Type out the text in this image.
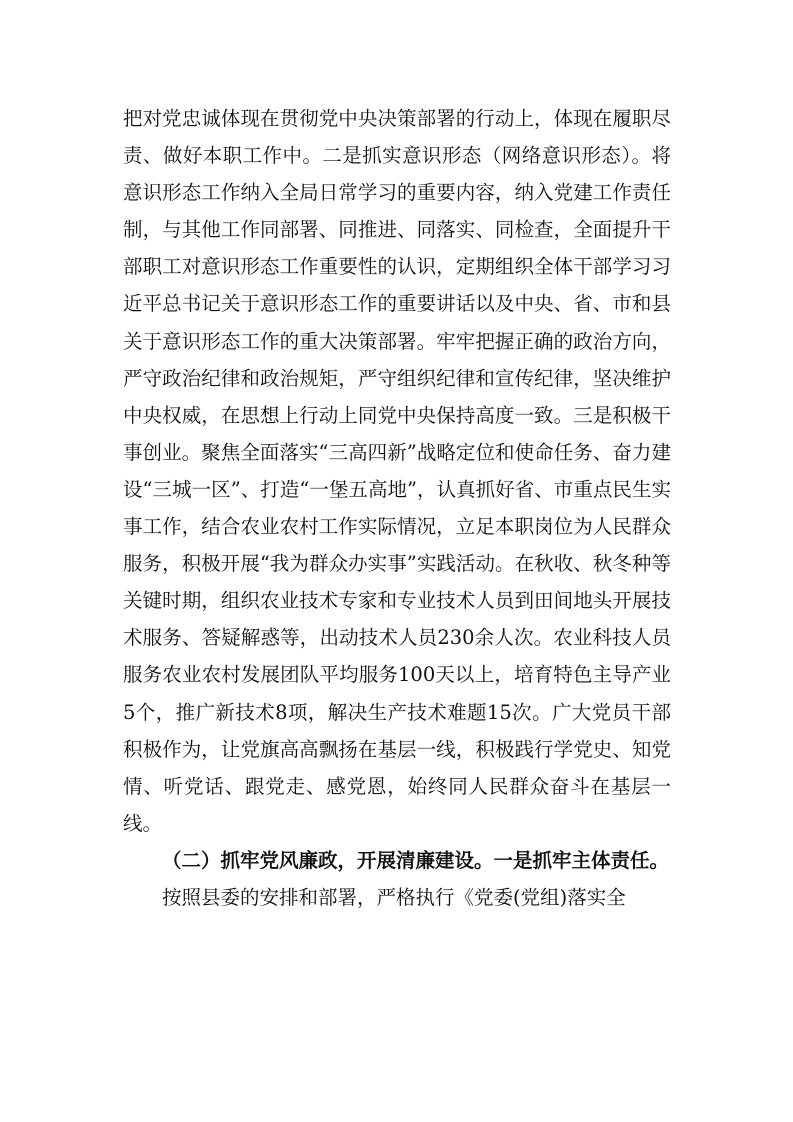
把对党忠诚体现在贯彻党中央决策部署的行动上，体现在履职尽责、做好本职工作中。二是抓实意识形态（网络意识形态）。将意识形态工作纳入全局日常学习的重要内容，纳入党建工作责任制，与其他工作同部署、同推进、同落实、同检查，全面提升干部职工对意识形态工作重要性的认识，定期组织全体干部学习习近平总书记关于意识形态工作的重要讲话以及中央、省、市和县关于意识形态工作的重大决策部署。牢牢把握正确的政治方向，严守政治纪律和政治规矩，严守组织纪律和宣传纪律，坚决维护中央权威，在思想上行动上同党中央保持高度一致。三是积极干事创业。聚焦全面落实“三高四新”战略定位和使命任务、奋力建设“三城一区”、打造“一堡五高地”，认真抓好省、市重点民生实事工作，结合农业农村工作实际情况，立足本职岗位为人民群众服务，积极开展“我为群众办实事”实践活动。在秋收、秋冬种等关键时期，组织农业技术专家和专业技术人员到田间地头开展技术服务、答疑解惑等，出动技术人员230余人次。农业科技人员服务农业农村发展团队平均服务100天以上，培育特色主导产业5个，推广新技术8项，解决生产技术难题15次。广大党员干部积极作为，让党旗高高飘扬在基层一线，积极践行学党史、知党情、听党话、跟党走、感党恩，始终同人民群众奋斗在基层一线。

（二）抓牢党风廉政，开展清廉建设。一是抓牢主体责任。

按照县委的安排和部署，严格执行《党委(党组)落实全
